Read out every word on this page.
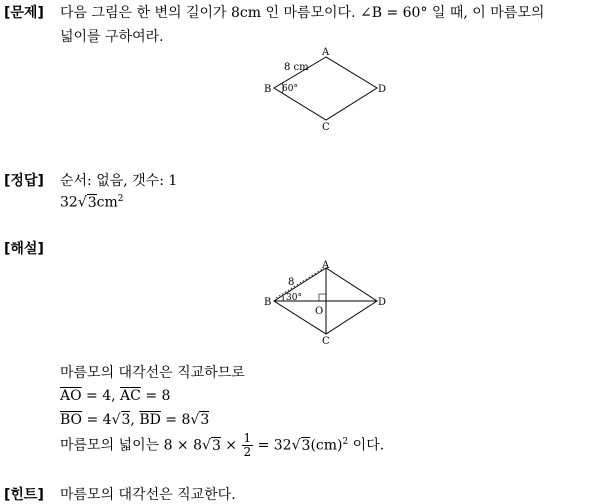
[문제] 다음 그림은 한 변의 길이가 8cm 인 마름모이다. ∠B = 60° 일 때, 이 마름모의
넓이를 구하여라.
A
B
C
D
8 cm
60°
[정답] 순서: 없음, 갯수: 1
$32√3cm^2$
[해설]
A
B
C
D
O
8
30°
마름모의 대각선은 직교하므로
$\overline{AO} = 4$, $\overline{AC} = 8$
$\overline{BO} = 4√3$, $\overline{BD} = 8√3$
마름모의 넓이는 $8 \times 8√3 \times \frac{1}{2} = 32√3(cm)^2$ 이다.
[힌트] 마름모의 대각선은 직교한다.
